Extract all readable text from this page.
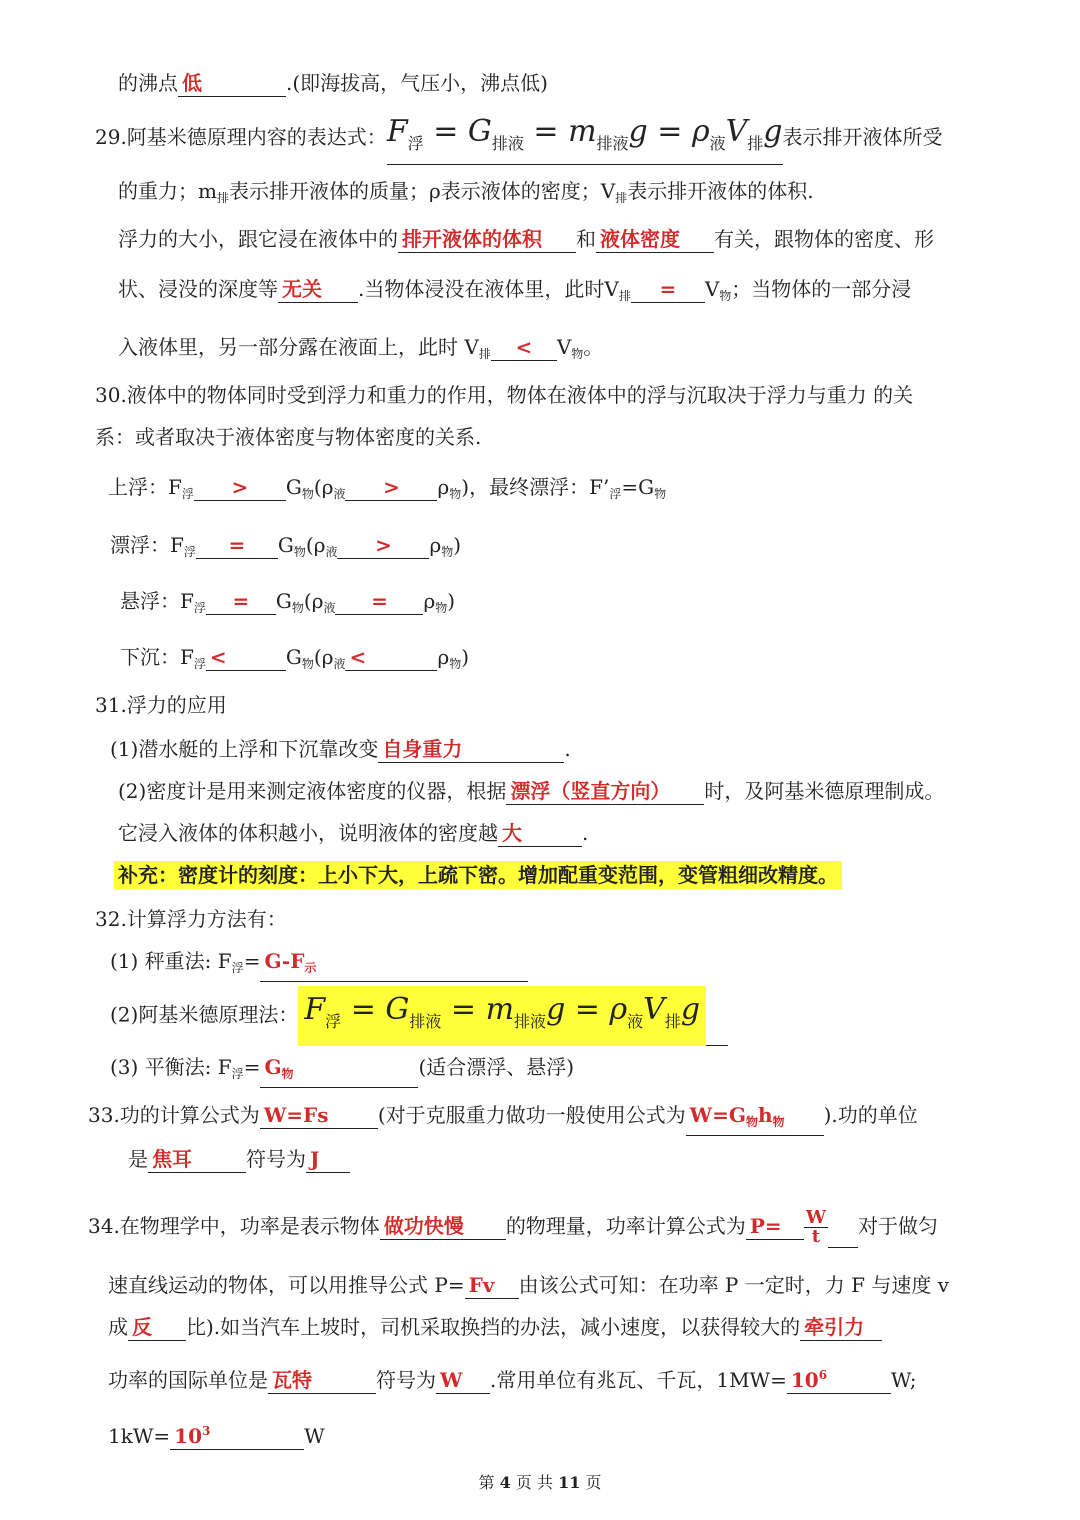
的沸点 低	.(即海拔高，气压小，沸点低)
29.阿基米德原理内容的表达式：$F_浮 = G_{排液} = m_{排液}g = \rho_液V_排g$表示排开液体所受
的重力；$m_排$表示排开液体的质量；ρ表示液体的密度；$V_排$表示排开液体的体积.
浮力的大小，跟它浸在液体中的 排开液体的体积 和 液体密度 有关，跟物体的密度、形
状、浸没的深度等 无关 .当物体浸没在液体里，此时$V_排 = V_物$；当物体的一部分浸
入液体里，另一部分露在液面上，此时 $V_排 < V_物$。
30.液体中的物体同时受到浮力和重力的作用，物体在液体中的浮与沉取决于浮力与重力 的关
系：或者取决于液体密度与物体密度的关系.
上浮：$F_浮 > G_物(\rho_液 > \rho_物)$，最终漂浮：$F’_浮=G_物$
漂浮：$F_浮 = G_物(\rho_液 > \rho_物)$
悬浮：$F_浮 = G_物(\rho_液 = \rho_物)$
下沉：$F_浮$ <	$G_物(\rho_液$ <	$\rho_物$)
31.浮力的应用
(1)潜水艇的上浮和下沉靠改变 自身重力	.
(2)密度计是用来测定液体密度的仪器，根据 漂浮（竖直方向） 时，及阿基米德原理制成。
它浸入液体的体积越小，说明液体的密度越 大	.
补充：密度计的刻度：上小下大，上疏下密。增加配重变范围，变管粗细改精度。
32.计算浮力方法有：
(1) 秤重法: $F_浮= G-F_示$
(2)阿基米德原理法： $F_浮 = G_{排液} = m_{排液}g = \rho_液V_排g$
(3) 平衡法: $F_浮= G_物$	(适合漂浮、悬浮)
33.功的计算公式为 W=Fs (对于克服重力做功一般使用公式为 $W=G_物h_物$ ).功的单位
是 焦耳	符号为 J
34.在物理学中，功率是表示物体 做功快慢 的物理量，功率计算公式为 $P= \frac{W}{t}$ 对于做匀
速直线运动的物体，可以用推导公式 P= Fv 由该公式可知：在功率 P 一定时，力 F 与速度 v
成 反 比).如当汽车上坡时，司机采取换挡的办法，减小速度，以获得较大的 牵引力
功率的国际单位是 瓦特	符号为 W .常用单位有兆瓦、千瓦，$1MW= 10^6$	W;
$1kW= 10^3$	W
第 4 页 共 11 页
